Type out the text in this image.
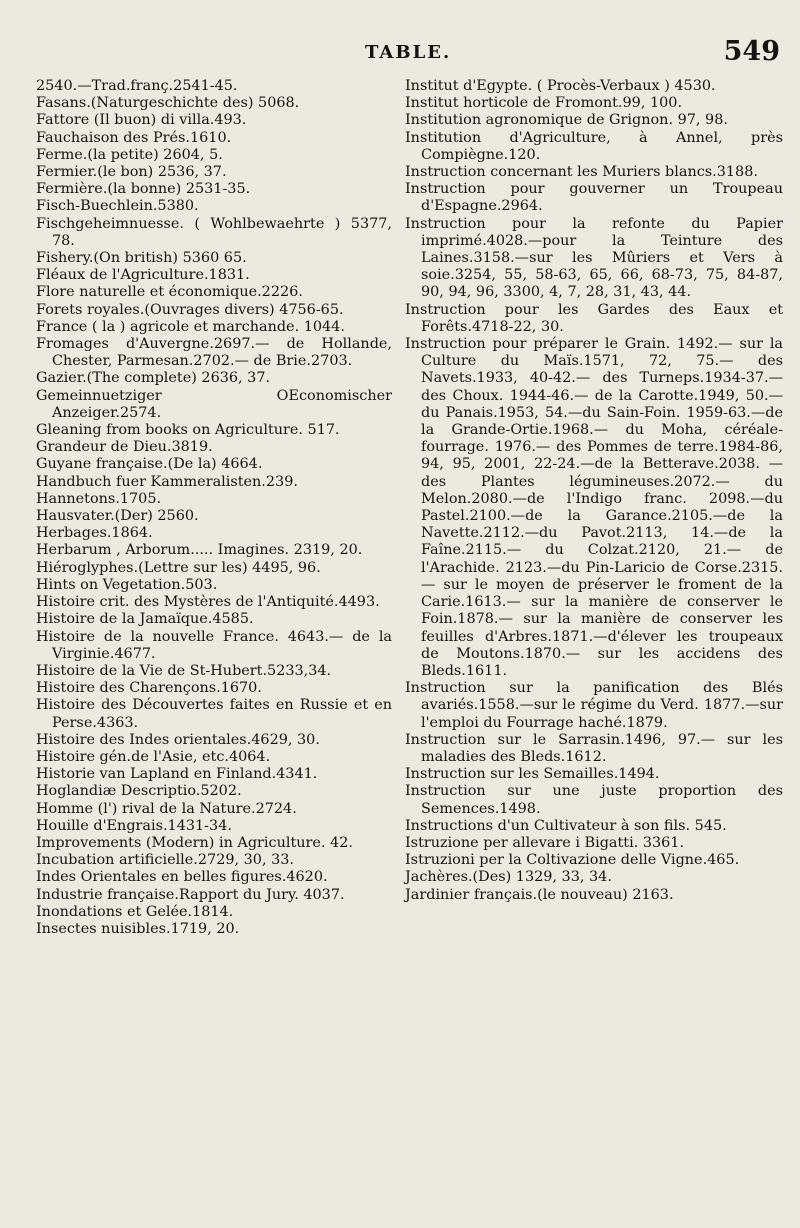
TABLE.	549
2540.—Trad.franç.2541-45.
Fasans.(Naturgeschichte des) 5068.
Fattore (Il buon) di villa.493.
Fauchaison des Prés.1610.
Ferme.(la petite) 2604, 5.
Fermier.(le bon) 2536, 37.
Fermière.(la bonne) 2531-35.
Fisch-Buechlein.5380.
Fischgeheimnuesse. ( Wohlbewaehrte ) 5377, 78.
Fishery.(On british) 5360 65.
Fléaux de l'Agriculture.1831.
Flore naturelle et économique.2226.
Forets royales.(Ouvrages divers) 4756-65.
France ( la ) agricole et marchande. 1044.
Fromages d'Auvergne.2697.— de Hollande, Chester, Parmesan.2702.— de Brie.2703.
Gazier.(The complete) 2636, 37.
Gemeinnuetziger OEconomischer Anzeiger.2574.
Gleaning from books on Agriculture. 517.
Grandeur de Dieu.3819.
Guyane française.(De la) 4664.
Handbuch fuer Kammeralisten.239.
Hannetons.1705.
Hausvater.(Der) 2560.
Herbages.1864.
Herbarum , Arborum..... Imagines. 2319, 20.
Hiéroglyphes.(Lettre sur les) 4495, 96.
Hints on Vegetation.503.
Histoire crit. des Mystères de l'Antiquité.4493.
Histoire de la Jamaïque.4585.
Histoire de la nouvelle France. 4643.— de la Virginie.4677.
Histoire de la Vie de St-Hubert.5233,34.
Histoire des Charençons.1670.
Histoire des Découvertes faites en Russie et en Perse.4363.
Histoire des Indes orientales.4629, 30.
Histoire gén.de l'Asie, etc.4064.
Historie van Lapland en Finland.4341.
Hoglandiæ Descriptio.5202.
Homme (l') rival de la Nature.2724.
Houille d'Engrais.1431-34.
Improvements (Modern) in Agriculture. 42.
Incubation artificielle.2729, 30, 33.
Indes Orientales en belles figures.4620.
Industrie française.Rapport du Jury. 4037.
Inondations et Gelée.1814.
Insectes nuisibles.1719, 20.
Institut d'Egypte. ( Procès-Verbaux ) 4530.
Institut horticole de Fromont.99, 100.
Institution agronomique de Grignon. 97, 98.
Institution d'Agriculture, à Annel, près Compiègne.120.
Instruction concernant les Muriers blancs.3188.
Instruction pour gouverner un Troupeau d'Espagne.2964.
Instruction pour la refonte du Papier imprimé.4028.—pour la Teinture des Laines.3158.—sur les Mûriers et Vers à soie.3254, 55, 58-63, 65, 66, 68-73, 75, 84-87, 90, 94, 96, 3300, 4, 7, 28, 31, 43, 44.
Instruction pour les Gardes des Eaux et Forêts.4718-22, 30.
Instruction pour préparer le Grain. 1492.— sur la Culture du Maïs.1571, 72, 75.— des Navets.1933, 40-42.— des Turneps.1934-37.— des Choux. 1944-46.— de la Carotte.1949, 50.— du Panais.1953, 54.—du Sain-Foin. 1959-63.—de la Grande-Ortie.1968.— du Moha, céréale-fourrage. 1976.— des Pommes de terre.1984-86, 94, 95, 2001, 22-24.—de la Betterave.2038. —des Plantes légumineuses.2072.— du Melon.2080.—de l'Indigo franc. 2098.—du Pastel.2100.—de la Garance.2105.—de la Navette.2112.—du Pavot.2113, 14.—de la Faîne.2115.— du Colzat.2120, 21.— de l'Arachide. 2123.—du Pin-Laricio de Corse.2315. — sur le moyen de préserver le froment de la Carie.1613.— sur la manière de conserver le Foin.1878.— sur la manière de conserver les feuilles d'Arbres.1871.—d'élever les troupeaux de Moutons.1870.— sur les accidens des Bleds.1611.
Instruction sur la panification des Blés avariés.1558.—sur le régime du Verd. 1877.—sur l'emploi du Fourrage haché.1879.
Instruction sur le Sarrasin.1496, 97.— sur les maladies des Bleds.1612.
Instruction sur les Semailles.1494.
Instruction sur une juste proportion des Semences.1498.
Instructions d'un Cultivateur à son fils. 545.
Istruzione per allevare i Bigatti. 3361.
Istruzioni per la Coltivazione delle Vigne.465.
Jachères.(Des) 1329, 33, 34.
Jardinier français.(le nouveau) 2163.
